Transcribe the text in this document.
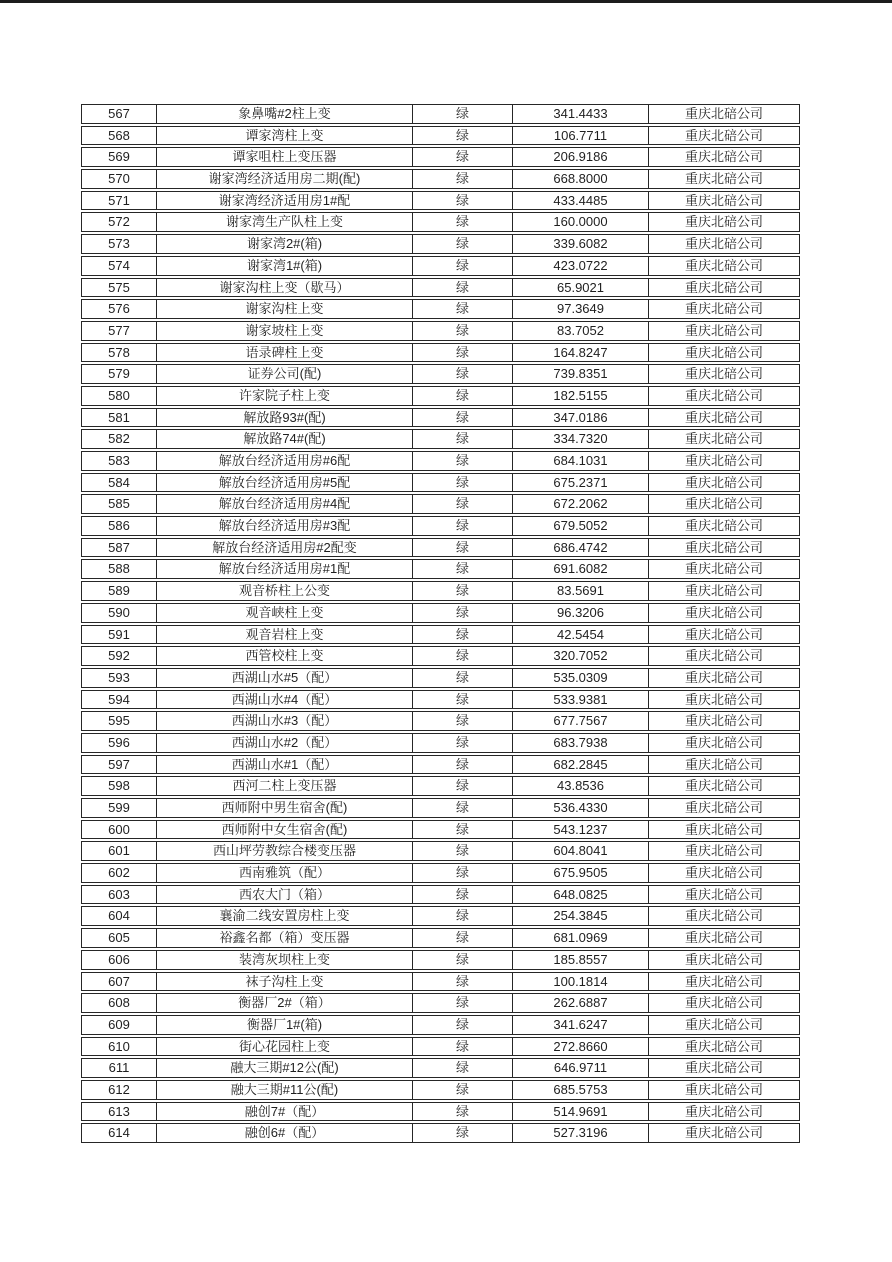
567	象鼻嘴#2柱上变	绿	341.4433	重庆北碚公司
568	谭家湾柱上变	绿	106.7711	重庆北碚公司
569	谭家咀柱上变压器	绿	206.9186	重庆北碚公司
570	谢家湾经济适用房二期(配)	绿	668.8000	重庆北碚公司
571	谢家湾经济适用房1#配	绿	433.4485	重庆北碚公司
572	谢家湾生产队柱上变	绿	160.0000	重庆北碚公司
573	谢家湾2#(箱)	绿	339.6082	重庆北碚公司
574	谢家湾1#(箱)	绿	423.0722	重庆北碚公司
575	谢家沟柱上变（歇马）	绿	65.9021	重庆北碚公司
576	谢家沟柱上变	绿	97.3649	重庆北碚公司
577	谢家坡柱上变	绿	83.7052	重庆北碚公司
578	语录碑柱上变	绿	164.8247	重庆北碚公司
579	证券公司(配)	绿	739.8351	重庆北碚公司
580	许家院子柱上变	绿	182.5155	重庆北碚公司
581	解放路93#(配)	绿	347.0186	重庆北碚公司
582	解放路74#(配)	绿	334.7320	重庆北碚公司
583	解放台经济适用房#6配	绿	684.1031	重庆北碚公司
584	解放台经济适用房#5配	绿	675.2371	重庆北碚公司
585	解放台经济适用房#4配	绿	672.2062	重庆北碚公司
586	解放台经济适用房#3配	绿	679.5052	重庆北碚公司
587	解放台经济适用房#2配变	绿	686.4742	重庆北碚公司
588	解放台经济适用房#1配	绿	691.6082	重庆北碚公司
589	观音桥柱上公变	绿	83.5691	重庆北碚公司
590	观音峡柱上变	绿	96.3206	重庆北碚公司
591	观音岩柱上变	绿	42.5454	重庆北碚公司
592	西管校柱上变	绿	320.7052	重庆北碚公司
593	西湖山水#5（配）	绿	535.0309	重庆北碚公司
594	西湖山水#4（配）	绿	533.9381	重庆北碚公司
595	西湖山水#3（配）	绿	677.7567	重庆北碚公司
596	西湖山水#2（配）	绿	683.7938	重庆北碚公司
597	西湖山水#1（配）	绿	682.2845	重庆北碚公司
598	西河二柱上变压器	绿	43.8536	重庆北碚公司
599	西师附中男生宿舍(配)	绿	536.4330	重庆北碚公司
600	西师附中女生宿舍(配)	绿	543.1237	重庆北碚公司
601	西山坪劳教综合楼变压器	绿	604.8041	重庆北碚公司
602	西南雅筑（配）	绿	675.9505	重庆北碚公司
603	西农大门（箱）	绿	648.0825	重庆北碚公司
604	襄渝二线安置房柱上变	绿	254.3845	重庆北碚公司
605	裕鑫名都（箱）变压器	绿	681.0969	重庆北碚公司
606	装湾灰坝柱上变	绿	185.8557	重庆北碚公司
607	袜子沟柱上变	绿	100.1814	重庆北碚公司
608	衡器厂2#（箱）	绿	262.6887	重庆北碚公司
609	衡器厂1#(箱)	绿	341.6247	重庆北碚公司
610	街心花园柱上变	绿	272.8660	重庆北碚公司
611	融大三期#12公(配)	绿	646.9711	重庆北碚公司
612	融大三期#11公(配)	绿	685.5753	重庆北碚公司
613	融创7#（配）	绿	514.9691	重庆北碚公司
614	融创6#（配）	绿	527.3196	重庆北碚公司
